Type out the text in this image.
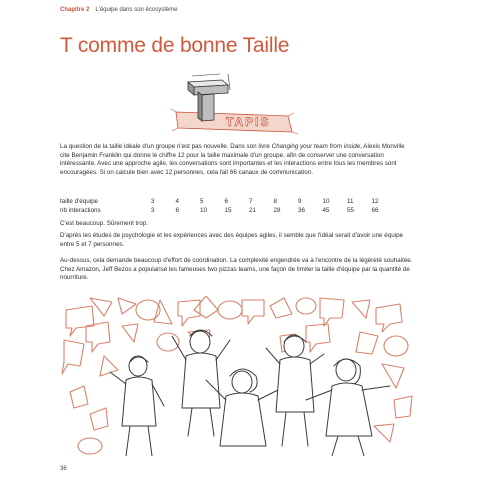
Chapitre 2 L'équipe dans son écosystème
T comme de bonne Taille
TAPIS
La question de la taille idéale d'un groupe n'est pas nouvelle. Dans son livre Changing your team from inside, Alexis Monville cite Benjamin Franklin qui donne le chiffre 12 pour la taille maximale d'un groupe, afin de conserver une conversation intéressante. Avec une approche agile, les conversations sont importantes et les interactions entre tous les membres sont encouragées. Si on calcule bien avec 12 personnes, cela fait 66 canaux de communication.
taille d'équipe	3	4	5	6	7	8	9	10	11	12
nb interactions	3	6	10	15	21	28	36	45	55	66
C'est beaucoup. Sûrement trop.
D'après les études de psychologie et les expériences avec des équipes agiles, il semble que l'idéal serait d'avoir une équipe entre 5 et 7 personnes.
Au-dessus, cela demande beaucoup d'effort de coordination. La complexité engendrée va à l'encontre de la légèreté souhaitée. Chez Amazon, Jeff Bezos a popularisé les fameuses two pizzas teams, une façon de limiter la taille d'équipe par la quantité de nourriture.
36
